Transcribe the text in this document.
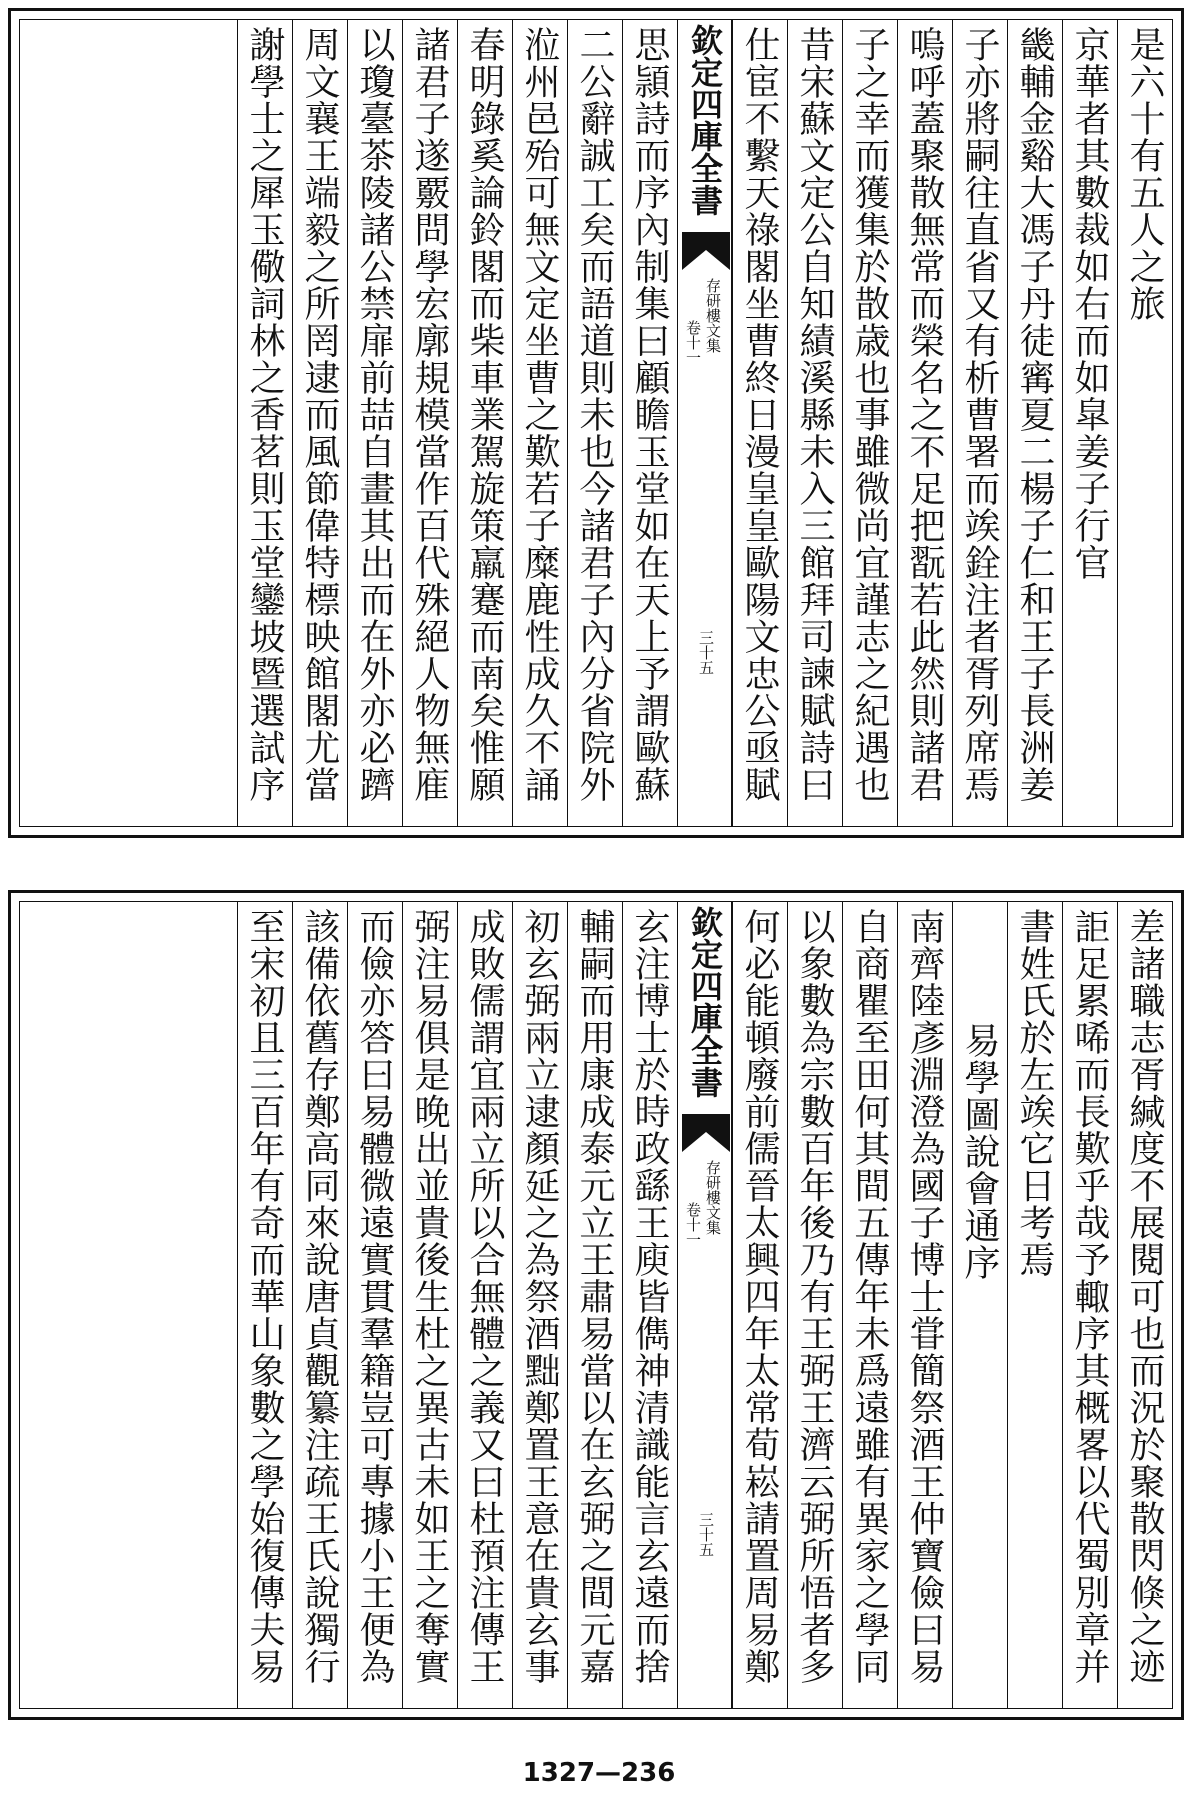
是六十有五人之旅
京華者其數裁如右而如皐姜子行官
畿輔金谿大馮子丹徒寗夏二楊子仁和王子長洲姜
子亦將嗣往直省又有析曹署而竢銓注者胥列席焉
嗚呼蓋聚散無常而榮名之不足把翫若此然則諸君
子之幸而獲集於㪚歳也事雖微尚宜謹志之紀遇也
昔宋蘇文定公自知績溪縣未入三館拜司諫賦詩曰
仕宦不繫天祿閣坐曹終日漫皇皇歐陽文忠公亟賦
欽定四庫全書
存研樓文集
卷十一
三十五
思頴詩而序內制集曰顧瞻玉堂如在天上予謂歐蘇
二公辭誠工矣而語道則未也今諸君子內分省院外
涖州邑殆可無文定坐曹之歎若子糜鹿性成久不誦
春明錄奚論鈴閣而柴車業駕旋策羸蹇而南矣惟願
諸君子遂覈問學宏廓規模當作百代殊絕人物無㢈
以瓊臺茶陵諸公禁扉前喆自畫其出而在外亦必躋
周文襄王端毅之所罔逮而風節偉特標映館閣尤當
謝學士之犀玉儆詞林之香茗則玉堂鑾坡暨選試序
差諸職志胥緘度不展閱可也而況於聚散閃倏之迹
詎足累唏而長歎乎哉予輙序其概畧以代蜀別章并
書姓氏於左竢它日考焉
易學圖說會通序
南齊陸彥淵澄為國子博士甞簡祭酒王仲寶儉曰易
自商瞿至田何其間五傳年未爲遠雖有異家之學同
以象數為宗數百年後乃有王弼王濟云弼所悟者多
何必能頓廢前儒晉太興四年太常荀崧請置周易鄭
欽定四庫全書
存研樓文集
卷十一
三十五
玄注博士於時政繇王庾皆儁神清識能言玄遠而捨
輔嗣而用康成泰元立王肅易當以在玄弼之間元嘉
初玄弼兩立逮顏延之為祭酒黜鄭置王意在貴玄事
成敗儒謂宜兩立所以合無體之義又曰杜預注傳王
弼注易俱是晚出並貴後生杜之異古未如王之奪實
而儉亦答曰易體微遠實貫羣籍豈可專據小王便為
該備依舊存鄭高同來說唐貞觀纂注疏王氏說獨行
至宋初且三百年有奇而華山象數之學始復傳夫易
1327—236
